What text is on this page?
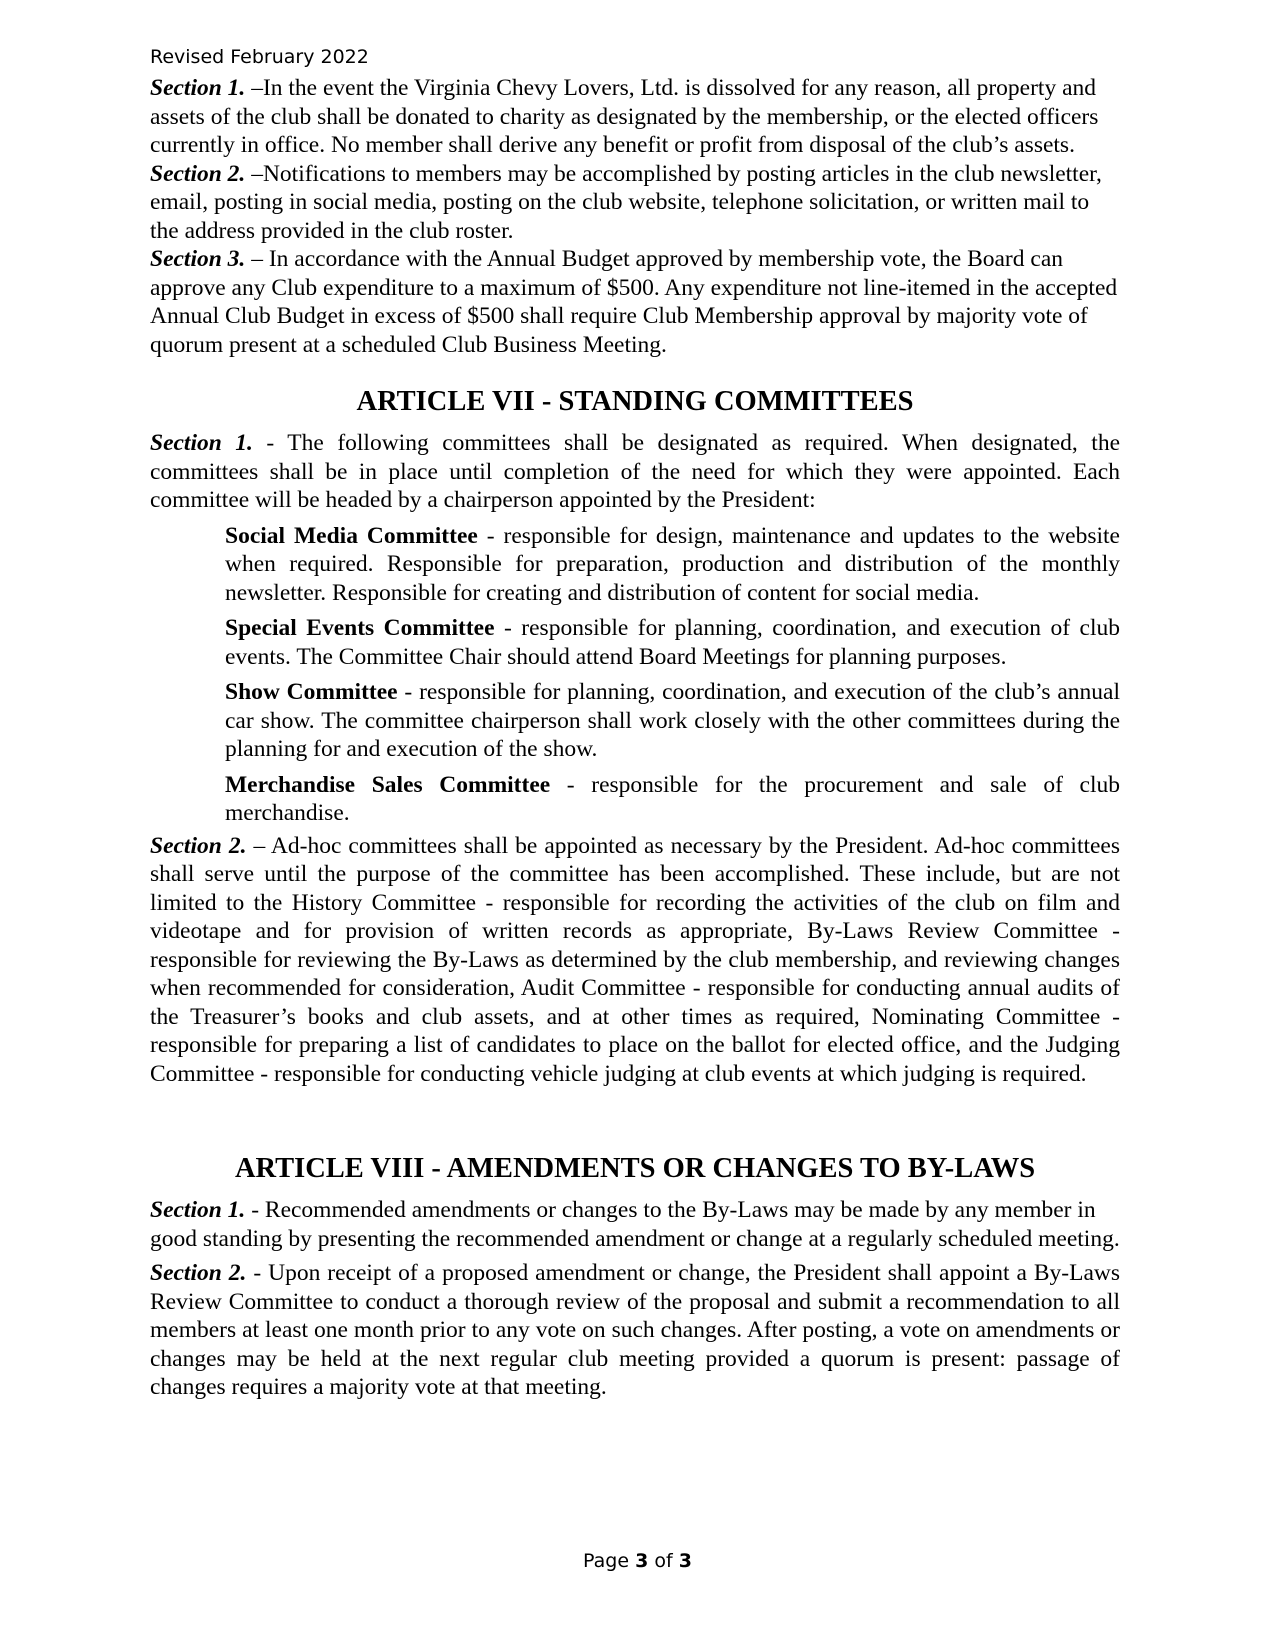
Revised February 2022

Section 1. –In the event the Virginia Chevy Lovers, Ltd. is dissolved for any reason, all property and assets of the club shall be donated to charity as designated by the membership, or the elected officers currently in office. No member shall derive any benefit or profit from disposal of the club’s assets.

Section 2. –Notifications to members may be accomplished by posting articles in the club newsletter, email, posting in social media, posting on the club website, telephone solicitation, or written mail to the address provided in the club roster.

Section 3. – In accordance with the Annual Budget approved by membership vote, the Board can approve any Club expenditure to a maximum of $500. Any expenditure not line-itemed in the accepted Annual Club Budget in excess of $500 shall require Club Membership approval by majority vote of quorum present at a scheduled Club Business Meeting.

ARTICLE VII - STANDING COMMITTEES

Section 1. - The following committees shall be designated as required. When designated, the committees shall be in place until completion of the need for which they were appointed. Each committee will be headed by a chairperson appointed by the President:

Social Media Committee - responsible for design, maintenance and updates to the website when required. Responsible for preparation, production and distribution of the monthly newsletter. Responsible for creating and distribution of content for social media.

Special Events Committee - responsible for planning, coordination, and execution of club events. The Committee Chair should attend Board Meetings for planning purposes.

Show Committee - responsible for planning, coordination, and execution of the club’s annual car show. The committee chairperson shall work closely with the other committees during the planning for and execution of the show.

Merchandise Sales Committee - responsible for the procurement and sale of club merchandise.

Section 2. – Ad-hoc committees shall be appointed as necessary by the President. Ad-hoc committees shall serve until the purpose of the committee has been accomplished. These include, but are not limited to the History Committee - responsible for recording the activities of the club on film and videotape and for provision of written records as appropriate, By-Laws Review Committee - responsible for reviewing the By-Laws as determined by the club membership, and reviewing changes when recommended for consideration, Audit Committee - responsible for conducting annual audits of the Treasurer’s books and club assets, and at other times as required, Nominating Committee - responsible for preparing a list of candidates to place on the ballot for elected office, and the Judging Committee - responsible for conducting vehicle judging at club events at which judging is required.

ARTICLE VIII - AMENDMENTS OR CHANGES TO BY-LAWS

Section 1. - Recommended amendments or changes to the By-Laws may be made by any member in good standing by presenting the recommended amendment or change at a regularly scheduled meeting.

Section 2. - Upon receipt of a proposed amendment or change, the President shall appoint a By-Laws Review Committee to conduct a thorough review of the proposal and submit a recommendation to all members at least one month prior to any vote on such changes. After posting, a vote on amendments or changes may be held at the next regular club meeting provided a quorum is present: passage of changes requires a majority vote at that meeting.

Page 3 of 3
